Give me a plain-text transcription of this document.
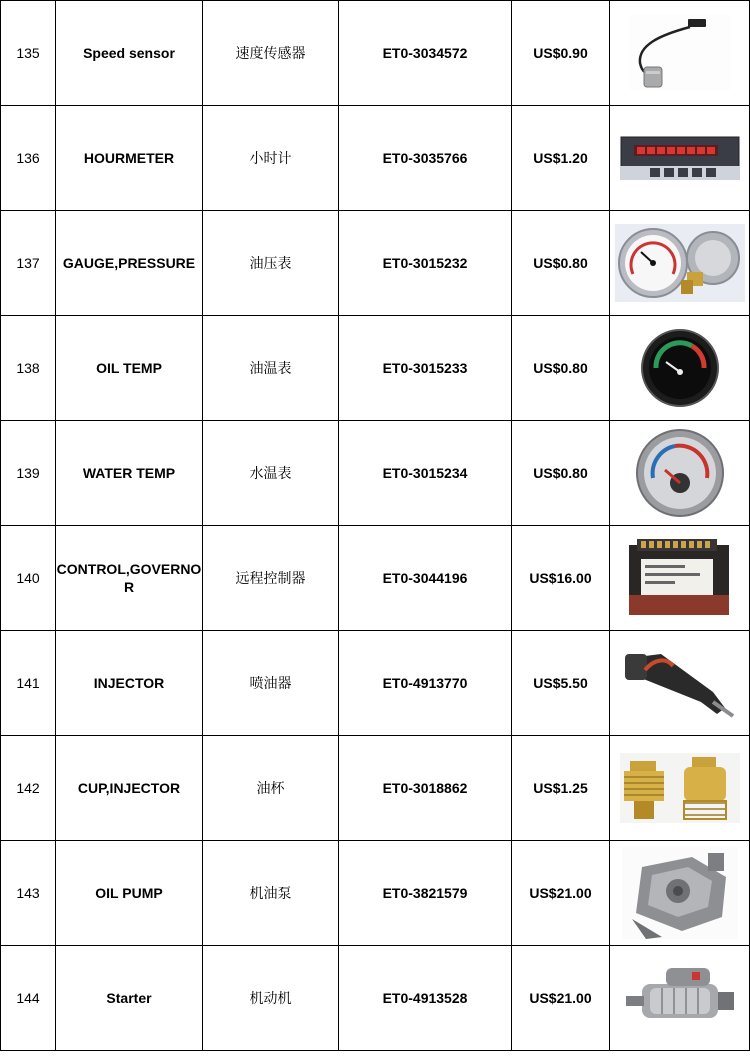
135	Speed sensor	速度传感器	ET0-3034572	US$0.90	

136	HOURMETER	小时计	ET0-3035766	US$1.20	

137	GAUGE,PRESSURE	油压表	ET0-3015232	US$0.80	

138	OIL TEMP	油温表	ET0-3015233	US$0.80	

139	WATER TEMP	水温表	ET0-3015234	US$0.80	

140	CONTROL,GOVERNOR	远程控制器	ET0-3044196	US$16.00	

141	INJECTOR	喷油器	ET0-4913770	US$5.50	

142	CUP,INJECTOR	油杯	ET0-3018862	US$1.25	

143	OIL PUMP	机油泵	ET0-3821579	US$21.00	

144	Starter	机动机	ET0-4913528	US$21.00	
